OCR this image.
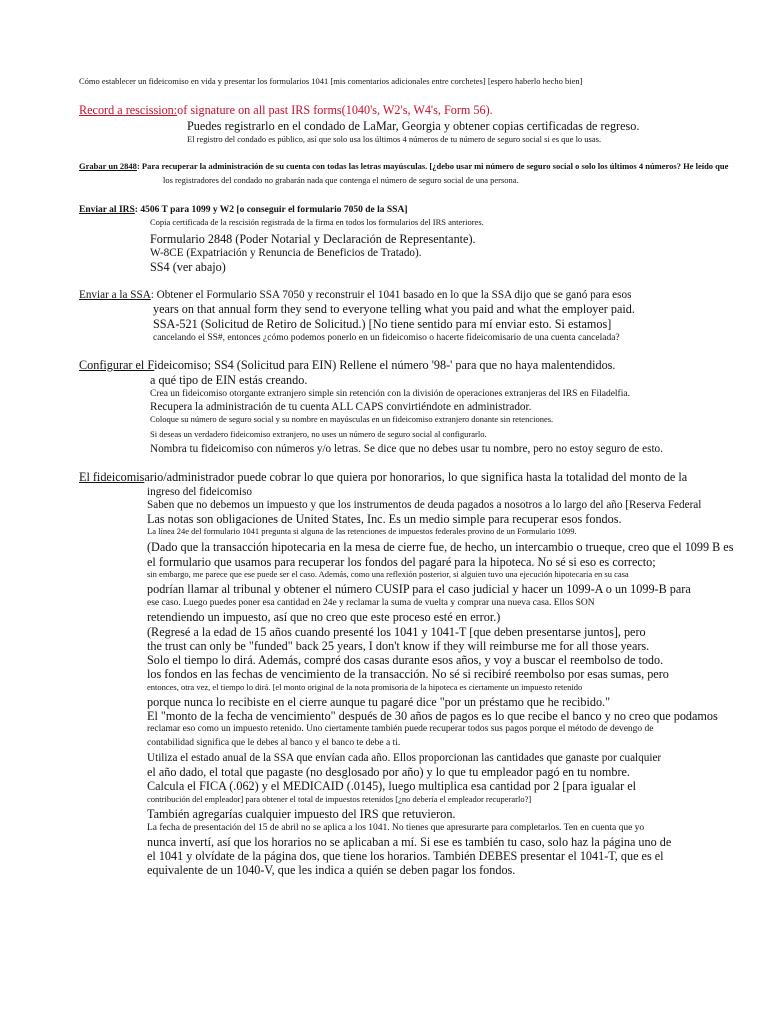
Cómo establecer un fideicomiso en vida y presentar los formularios 1041 [mis comentarios adicionales entre corchetes] [espero haberlo hecho bien]
Record a rescission:of signature on all past IRS forms(1040's, W2's, W4's, Form 56).
Puedes registrarlo en el condado de LaMar, Georgia y obtener copias certificadas de regreso.
El registro del condado es público, así que solo usa los últimos 4 números de tu número de seguro social si es que lo usas.
Grabar un 2848: Para recuperar la administración de su cuenta con todas las letras mayúsculas. [¿debo usar mi número de seguro social o solo los últimos 4 números? He leído que
los registradores del condado no grabarán nada que contenga el número de seguro social de una persona.
Enviar al IRS: 4506 T para 1099 y W2 [o conseguir el formulario 7050 de la SSA]
Copia certificada de la rescisión registrada de la firma en todos los formularios del IRS anteriores.
Formulario 2848 (Poder Notarial y Declaración de Representante).
W-8CE (Expatriación y Renuncia de Beneficios de Tratado).
SS4 (ver abajo)
Enviar a la SSA: Obtener el Formulario SSA 7050 y reconstruir el 1041 basado en lo que la SSA dijo que se ganó para esos
years on that annual form they send to everyone telling what you paid and what the employer paid.
SSA-521 (Solicitud de Retiro de Solicitud.) [No tiene sentido para mí enviar esto. Si estamos]
cancelando el SS#, entonces ¿cómo podemos ponerlo en un fideicomiso o hacerte fideicomisario de una cuenta cancelada?
Configurar el Fideicomiso; SS4 (Solicitud para EIN) Rellene el número '98-' para que no haya malentendidos.
a qué tipo de EIN estás creando.
Crea un fideicomiso otorgante extranjero simple sin retención con la división de operaciones extranjeras del IRS en Filadelfia.
Recupera la administración de tu cuenta ALL CAPS convirtiéndote en administrador.
Coloque su número de seguro social y su nombre en mayúsculas en un fideicomiso extranjero donante sin retenciones.
Si deseas un verdadero fideicomiso extranjero, no uses un número de seguro social al configurarlo.
Nombra tu fideicomiso con números y/o letras. Se dice que no debes usar tu nombre, pero no estoy seguro de esto.
El fideicomisario/administrador puede cobrar lo que quiera por honorarios, lo que significa hasta la totalidad del monto de la
ingreso del fideicomiso
Saben que no debemos un impuesto y que los instrumentos de deuda pagados a nosotros a lo largo del año [Reserva Federal
Las notas son obligaciones de United States, Inc. Es un medio simple para recuperar esos fondos.
La línea 24e del formulario 1041 pregunta si alguna de las retenciones de impuestos federales provino de un Formulario 1099.
(Dado que la transacción hipotecaria en la mesa de cierre fue, de hecho, un intercambio o trueque, creo que el 1099 B es
el formulario que usamos para recuperar los fondos del pagaré para la hipoteca. No sé si eso es correcto;
sin embargo, me parece que ese puede ser el caso. Además, como una reflexión posterior, si alguien tuvo una ejecución hipotecaria en su casa
podrían llamar al tribunal y obtener el número CUSIP para el caso judicial y hacer un 1099-A o un 1099-B para
ese caso. Luego puedes poner esa cantidad en 24e y reclamar la suma de vuelta y comprar una nueva casa. Ellos SON
retendiendo un impuesto, así que no creo que este proceso esté en error.)
(Regresé a la edad de 15 años cuando presenté los 1041 y 1041-T [que deben presentarse juntos], pero
the trust can only be "funded" back 25 years, I don't know if they will reimburse me for all those years.
Solo el tiempo lo dirá. Además, compré dos casas durante esos años, y voy a buscar el reembolso de todo.
los fondos en las fechas de vencimiento de la transacción. No sé si recibiré reembolso por esas sumas, pero
entonces, otra vez, el tiempo lo dirá. [el monto original de la nota promisoria de la hipoteca es ciertamente un impuesto retenido
porque nunca lo recibiste en el cierre aunque tu pagaré dice "por un préstamo que he recibido."
El "monto de la fecha de vencimiento" después de 30 años de pagos es lo que recibe el banco y no creo que podamos
reclamar eso como un impuesto retenido. Uno ciertamente también puede recuperar todos sus pagos porque el método de devengo de
contabilidad significa que le debes al banco y el banco te debe a ti.
Utiliza el estado anual de la SSA que envían cada año. Ellos proporcionan las cantidades que ganaste por cualquier
el año dado, el total que pagaste (no desglosado por año) y lo que tu empleador pagó en tu nombre.
Calcula el FICA (.062) y el MEDICAID (.0145), luego multiplica esa cantidad por 2 [para igualar el
contribución del empleador] para obtener el total de impuestos retenidos [¿no debería el empleador recuperarlo?]
También agregarías cualquier impuesto del IRS que retuvieron.
La fecha de presentación del 15 de abril no se aplica a los 1041. No tienes que apresurarte para completarlos. Ten en cuenta que yo
nunca invertí, así que los horarios no se aplicaban a mí. Si ese es también tu caso, solo haz la página uno de
el 1041 y olvídate de la página dos, que tiene los horarios. También DEBES presentar el 1041-T, que es el
equivalente de un 1040-V, que les indica a quién se deben pagar los fondos.
